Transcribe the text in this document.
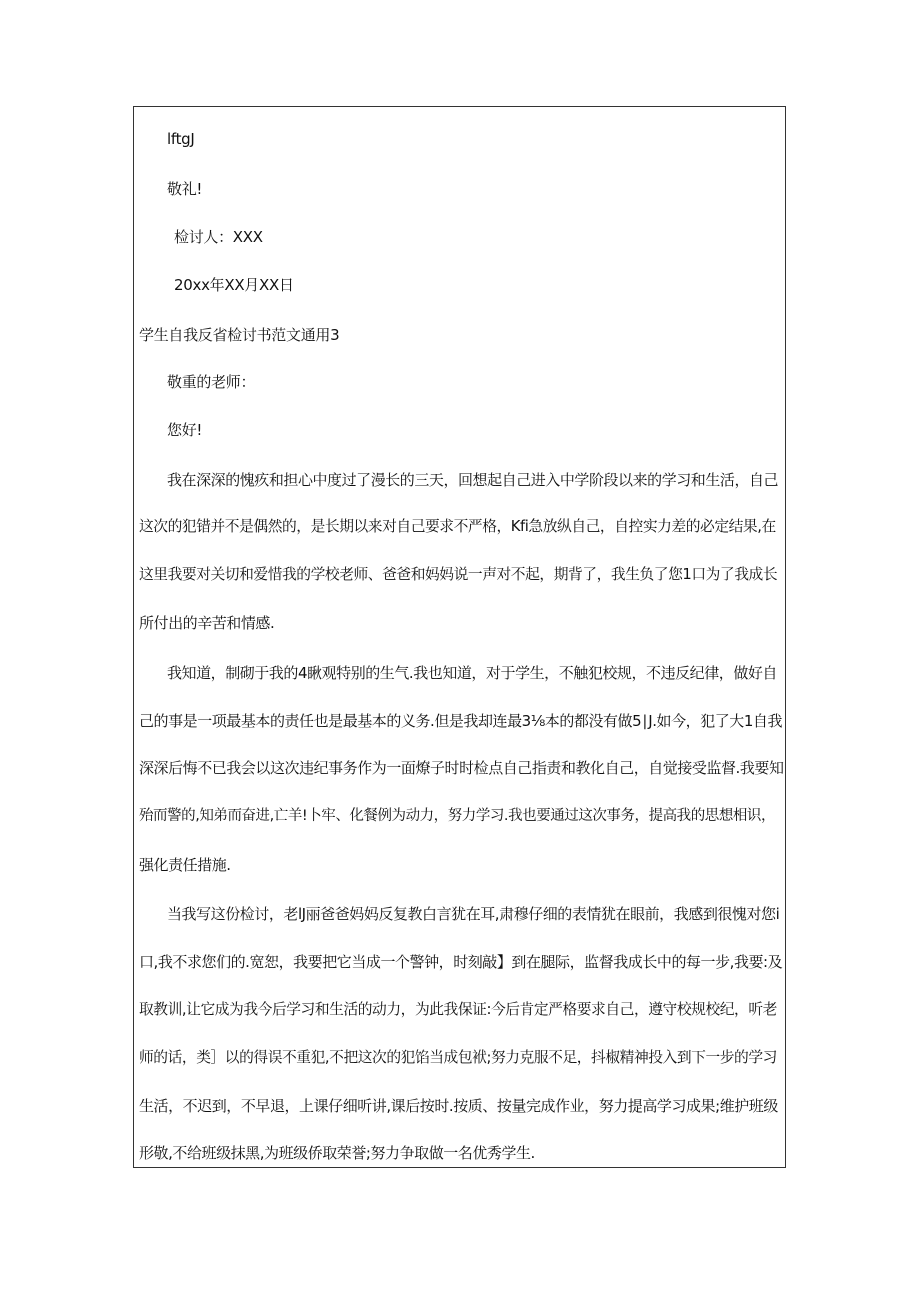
lftgJ
敬礼!
检讨人：XXX
20xx年XX月XX日
学生自我反省检讨书范文通用3
敬重的老师：
您好!
我在深深的愧疚和担心中度过了漫长的三天，回想起自己进入中学阶段以来的学习和生活，自己
这次的犯错并不是偶然的，是长期以来对自己要求不严格，Kfi急放纵自己，自控实力差的必定结果,在
这里我要对关切和爱惜我的学校老师、爸爸和妈妈说一声对不起，期背了，我生负了您1口为了我成长
所付出的辛苦和情感.
我知道，制砌于我的4瞅观特别的生气.我也知道，对于学生，不触犯校规，不违反纪律，做好自
己的事是一项最基本的责任也是最基本的义务.但是我却连最3⅛本的都没有做5∣J.如今，犯了大1自我
深深后悔不已我会以这次违纪事务作为一面燎子时时检点自己指责和教化自己，自觉接受监督.我要知
殆而警的,知弟而奋进,亡羊!卜牢、化餐例为动力，努力学习.我也要通过这次事务，提高我的思想相识，
强化责任措施.
当我写这份检讨，老lJ丽爸爸妈妈反复教白言犹在耳,肃穆仔细的表情犹在眼前，我感到很愧对您i
口,我不求您们的.宽恕，我要把它当成一个警钟，时刻敲】到在腿际，监督我成长中的每一步,我要:及
取教训,让它成为我今后学习和生活的动力，为此我保证:今后肯定严格要求自己，遵守校规校纪，听老
师的话，类］以的得误不重犯,不把这次的犯馅当成包袱;努力克服不足，抖椒精神投入到下一步的学习
生活，不迟到，不早退，上课仔细听讲,课后按时.按质、按量完成作业，努力提高学习成果;维护班级
形敬,不给班级抹黑,为班级侨取荣誉;努力争取做一名优秀学生.
